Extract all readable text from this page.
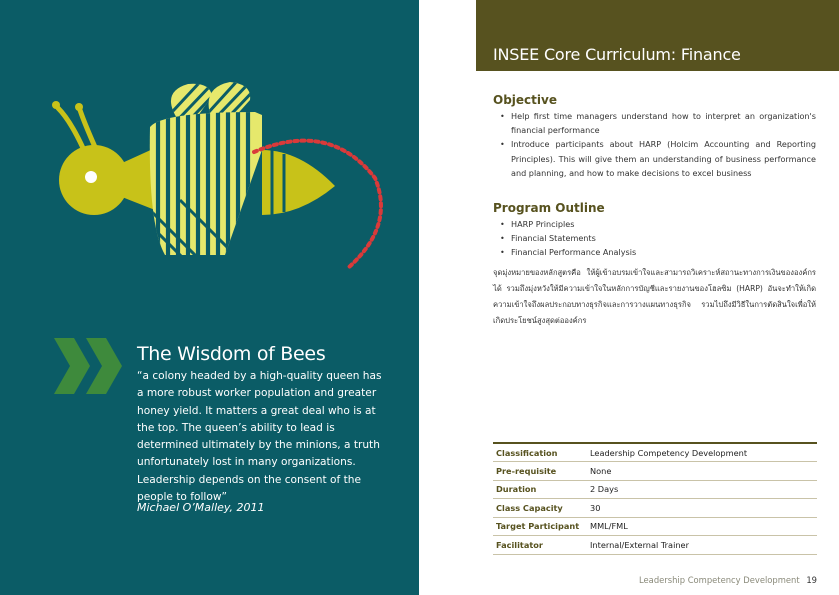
The Wisdom of Bees
“a colony headed by a high-quality queen has a more robust worker population and greater honey yield. It matters a great deal who is at the top. The queen’s ability to lead is determined ultimately by the minions, a truth unfortunately lost in many organizations. Leadership depends on the consent of the people to follow”
Michael O’Malley, 2011
INSEE Core Curriculum: Finance
Objective
• Help first time managers understand how to interpret an organization's financial performance
• Introduce participants about HARP (Holcim Accounting and Reporting Principles). This will give them an understanding of business performance and planning, and how to make decisions to excel business
Program Outline
• HARP Principles
• Financial Statements
• Financial Performance Analysis
จุดมุ่งหมายของหลักสูตรคือ ให้ผู้เข้าอบรมเข้าใจและสามารถวิเคราะห์สถานะทางการเงินขององค์กรได้ รวมถึงมุ่งหวังให้มีความเข้าใจในหลักการบัญชีและรายงานของโฮลซิม (HARP) อันจะทำให้เกิดความเข้าใจถึงผลประกอบทางธุรกิจและการวางแผนทางธุรกิจ รวมไปถึงมีวิธีในการตัดสินใจเพื่อให้เกิดประโยชน์สูงสุดต่อองค์กร
Classification	Leadership Competency Development
Pre-requisite	None
Duration	2 Days
Class Capacity	30
Target Participant	MML/FML
Facilitator	Internal/External Trainer
Leadership Competency Development 19
